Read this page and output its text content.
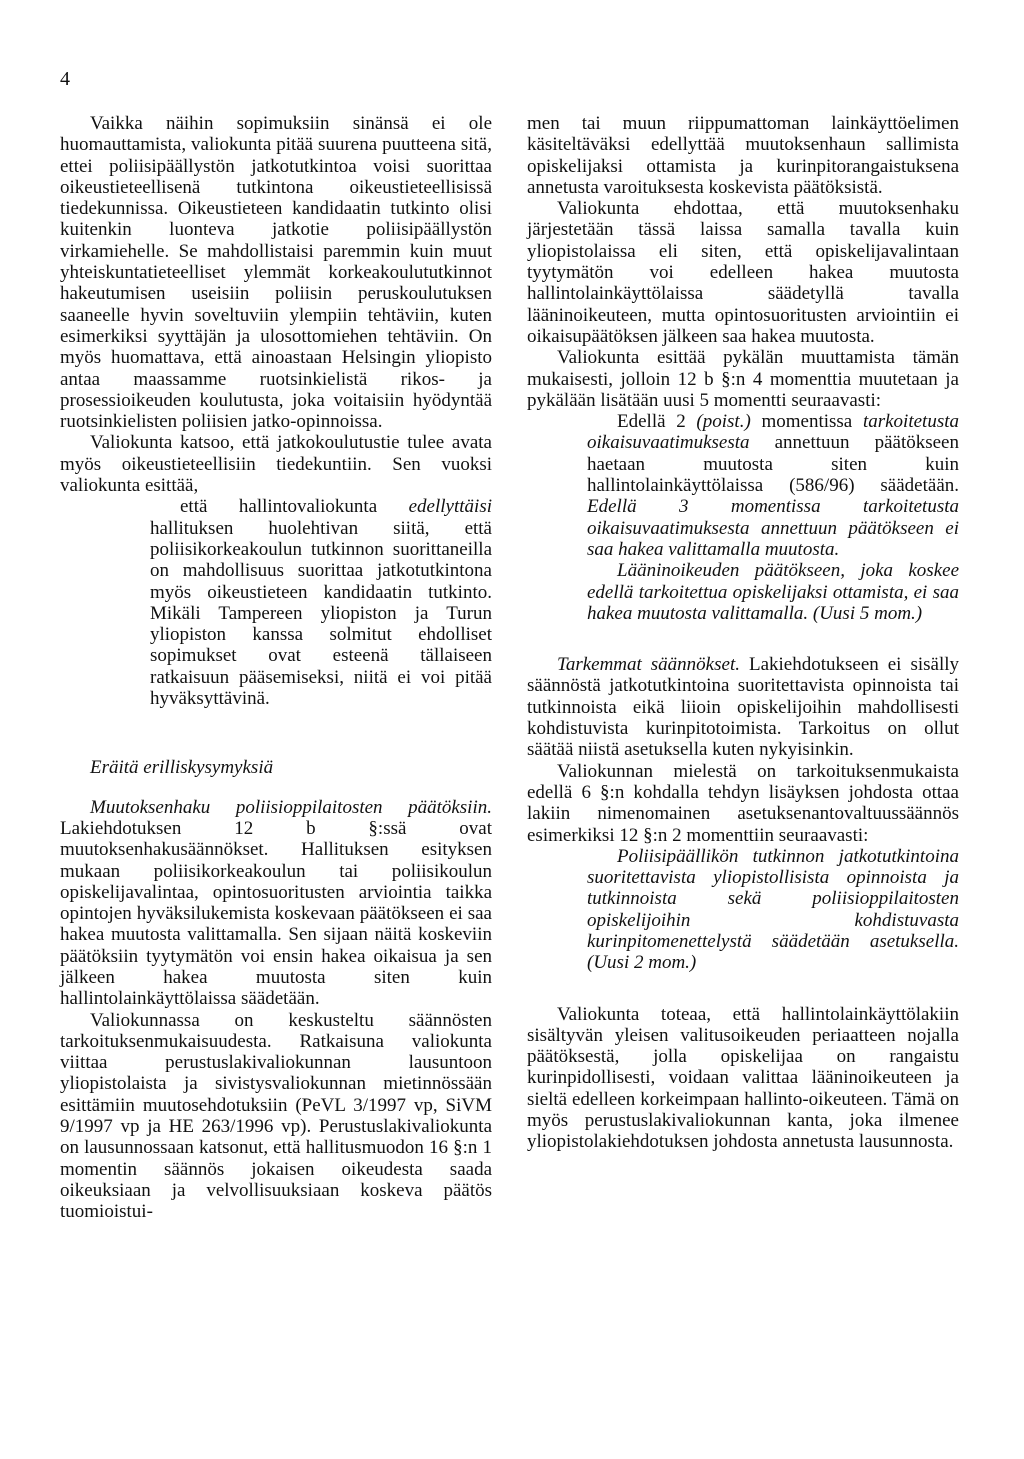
4

Vaikka näihin sopimuksiin sinänsä ei ole huomauttamista, valiokunta pitää suurena puutteena sitä, ettei poliisipäällystön jatkotutkintoa voisi suorittaa oikeustieteellisenä tutkintona oikeustieteellisissä tiedekunnissa. Oikeustieteen kandidaatin tutkinto olisi kuitenkin luonteva jatkotie poliisipäällystön virkamiehelle. Se mahdollistaisi paremmin kuin muut yhteiskuntatieteelliset ylemmät korkeakoulututkinnot hakeutumisen useisiin poliisin peruskoulutuksen saaneelle hyvin soveltuviin ylempiin tehtäviin, kuten esimerkiksi syyttäjän ja ulosottomiehen tehtäviin. On myös huomattava, että ainoastaan Helsingin yliopisto antaa maassamme ruotsinkielistä rikos- ja prosessioikeuden koulutusta, joka voitaisiin hyödyntää ruotsinkielisten poliisien jatko-opinnoissa.

Valiokunta katsoo, että jatkokoulutustie tulee avata myös oikeustieteellisiin tiedekuntiin. Sen vuoksi valiokunta esittää,

että hallintovaliokunta edellyttäisi hallituksen huolehtivan siitä, että poliisikorkeakoulun tutkinnon suorittaneilla on mahdollisuus suorittaa jatkotutkintona myös oikeustieteen kandidaatin tutkinto. Mikäli Tampereen yliopiston ja Turun yliopiston kanssa solmitut ehdolliset sopimukset ovat esteenä tällaiseen ratkaisuun pääsemiseksi, niitä ei voi pitää hyväksyttävinä.

Eräitä erilliskysymyksiä

Muutoksenhaku poliisioppilaitosten päätöksiin. Lakiehdotuksen 12 b §:ssä ovat muutoksenhakusäännökset. Hallituksen esityksen mukaan poliisikorkeakoulun tai poliisikoulun opiskelijavalintaa, opintosuoritusten arviointia taikka opintojen hyväksilukemista koskevaan päätökseen ei saa hakea muutosta valittamalla. Sen sijaan näitä koskeviin päätöksiin tyytymätön voi ensin hakea oikaisua ja sen jälkeen hakea muutosta siten kuin hallintolainkäyttölaissa säädetään.

Valiokunnassa on keskusteltu säännösten tarkoituksenmukaisuudesta. Ratkaisuna valiokunta viittaa perustuslakivaliokunnan lausuntoon yliopistolaista ja sivistysvaliokunnan mietinnössään esittämiin muutosehdotuksiin (PeVL 3/1997 vp, SiVM 9/1997 vp ja HE 263/1996 vp). Perustuslakivaliokunta on lausunnossaan katsonut, että hallitusmuodon 16 §:n 1 momentin säännös jokaisen oikeudesta saada oikeuksiaan ja velvollisuuksiaan koskeva päätös tuomioistui-

men tai muun riippumattoman lainkäyttöelimen käsiteltäväksi edellyttää muutoksenhaun sallimista opiskelijaksi ottamista ja kurinpitorangaistuksena annetusta varoituksesta koskevista päätöksistä.

Valiokunta ehdottaa, että muutoksenhaku järjestetään tässä laissa samalla tavalla kuin yliopistolaissa eli siten, että opiskelijavalintaan tyytymätön voi edelleen hakea muutosta hallintolainkäyttölaissa säädetyllä tavalla lääninoikeuteen, mutta opintosuoritusten arviointiin ei oikaisupäätöksen jälkeen saa hakea muutosta.

Valiokunta esittää pykälän muuttamista tämän mukaisesti, jolloin 12 b §:n 4 momenttia muutetaan ja pykälään lisätään uusi 5 momentti seuraavasti:

Edellä 2 (poist.) momentissa tarkoitetusta oikaisuvaatimuksesta annettuun päätökseen haetaan muutosta siten kuin hallintolainkäyttölaissa (586/96) säädetään. Edellä 3 momentissa tarkoitetusta oikaisuvaatimuksesta annettuun päätökseen ei saa hakea valittamalla muutosta.

Lääninoikeuden päätökseen, joka koskee edellä tarkoitettua opiskelijaksi ottamista, ei saa hakea muutosta valittamalla. (Uusi 5 mom.)

Tarkemmat säännökset. Lakiehdotukseen ei sisälly säännöstä jatkotutkintoina suoritettavista opinnoista tai tutkinnoista eikä liioin opiskelijoihin mahdollisesti kohdistuvista kurinpitotoimista. Tarkoitus on ollut säätää niistä asetuksella kuten nykyisinkin.

Valiokunnan mielestä on tarkoituksenmukaista edellä 6 §:n kohdalla tehdyn lisäyksen johdosta ottaa lakiin nimenomainen asetuksenantovaltuussäännös esimerkiksi 12 §:n 2 momenttiin seuraavasti:

Poliisipäällikön tutkinnon jatkotutkintoina suoritettavista yliopistollisista opinnoista ja tutkinnoista sekä poliisioppilaitosten opiskelijoihin kohdistuvasta kurinpitomenettelystä säädetään asetuksella. (Uusi 2 mom.)

Valiokunta toteaa, että hallintolainkäyttölakiin sisältyvän yleisen valitusoikeuden periaatteen nojalla päätöksestä, jolla opiskelijaa on rangaistu kurinpidollisesti, voidaan valittaa lääninoikeuteen ja sieltä edelleen korkeimpaan hallinto-oikeuteen. Tämä on myös perustuslakivaliokunnan kanta, joka ilmenee yliopistolakiehdotuksen johdosta annetusta lausunnosta.
